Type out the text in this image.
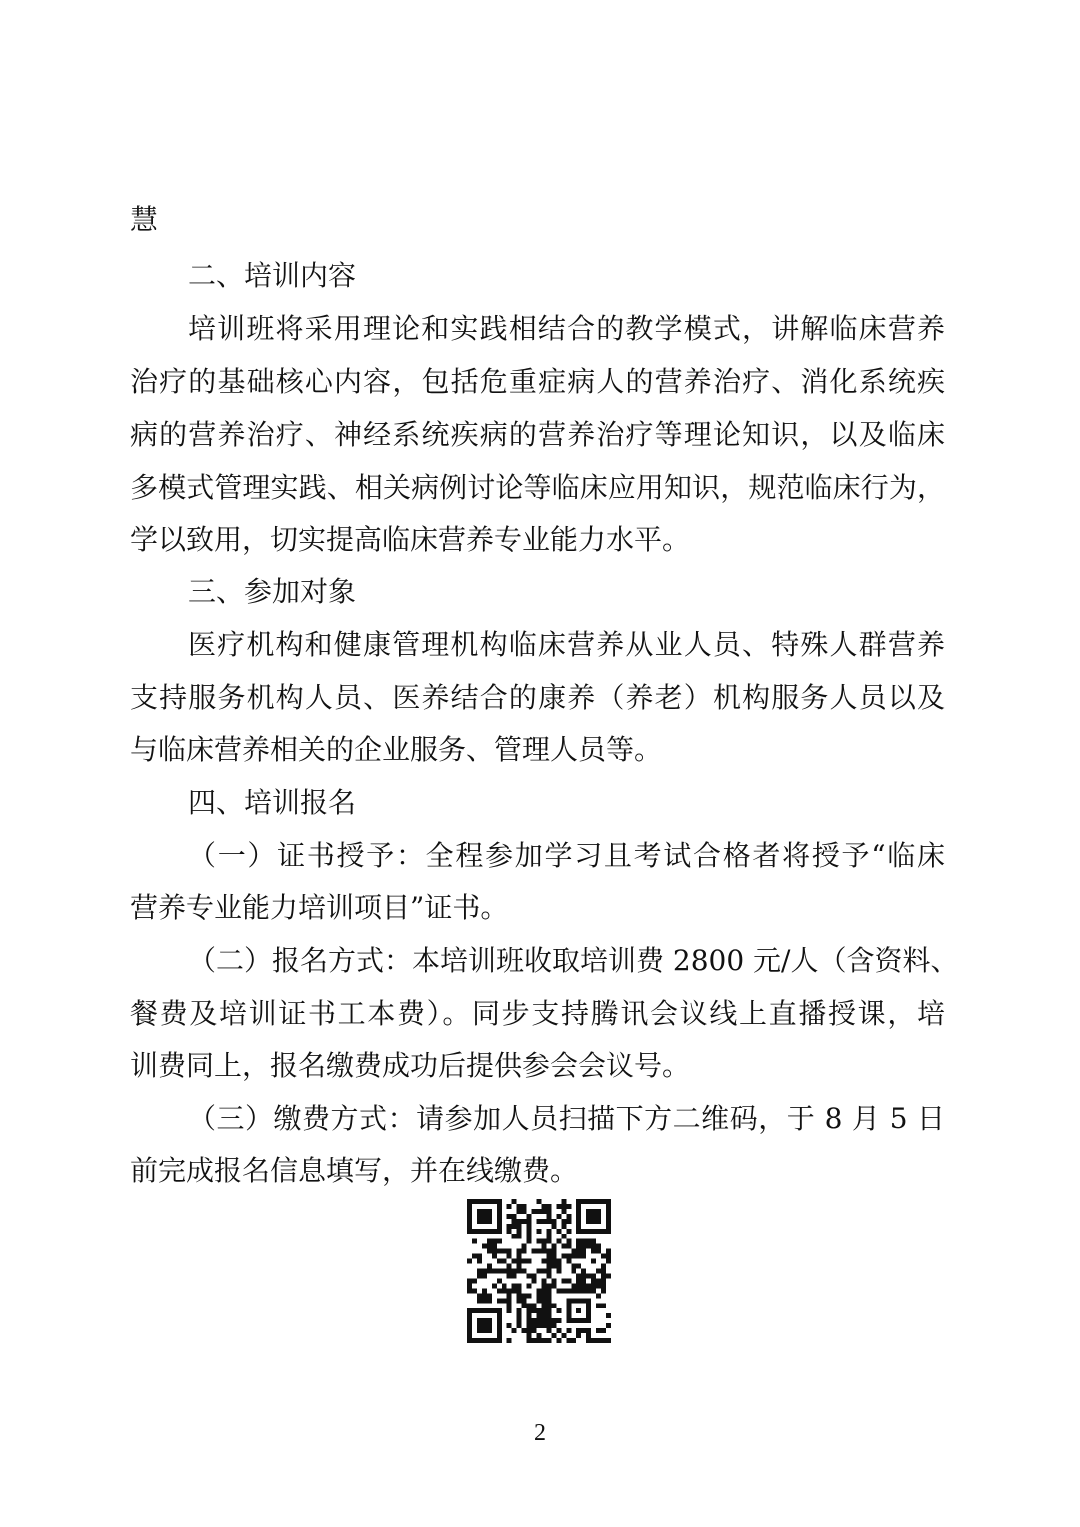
慧
二、培训内容
培训班将采用理论和实践相结合的教学模式，讲解临床营养
治疗的基础核心内容，包括危重症病人的营养治疗、消化系统疾
病的营养治疗、神经系统疾病的营养治疗等理论知识，以及临床
多模式管理实践、相关病例讨论等临床应用知识，规范临床行为，
学以致用，切实提高临床营养专业能力水平。
三、参加对象
医疗机构和健康管理机构临床营养从业人员、特殊人群营养
支持服务机构人员、医养结合的康养（养老）机构服务人员以及
与临床营养相关的企业服务、管理人员等。
四、培训报名
（一）证书授予：全程参加学习且考试合格者将授予“临床
营养专业能力培训项目”证书。
（二）报名方式：本培训班收取培训费 2800 元/人（含资料、
餐费及培训证书工本费）。同步支持腾讯会议线上直播授课，培
训费同上，报名缴费成功后提供参会会议号。
（三）缴费方式：请参加人员扫描下方二维码，于 8 月 5 日
前完成报名信息填写，并在线缴费。
2
